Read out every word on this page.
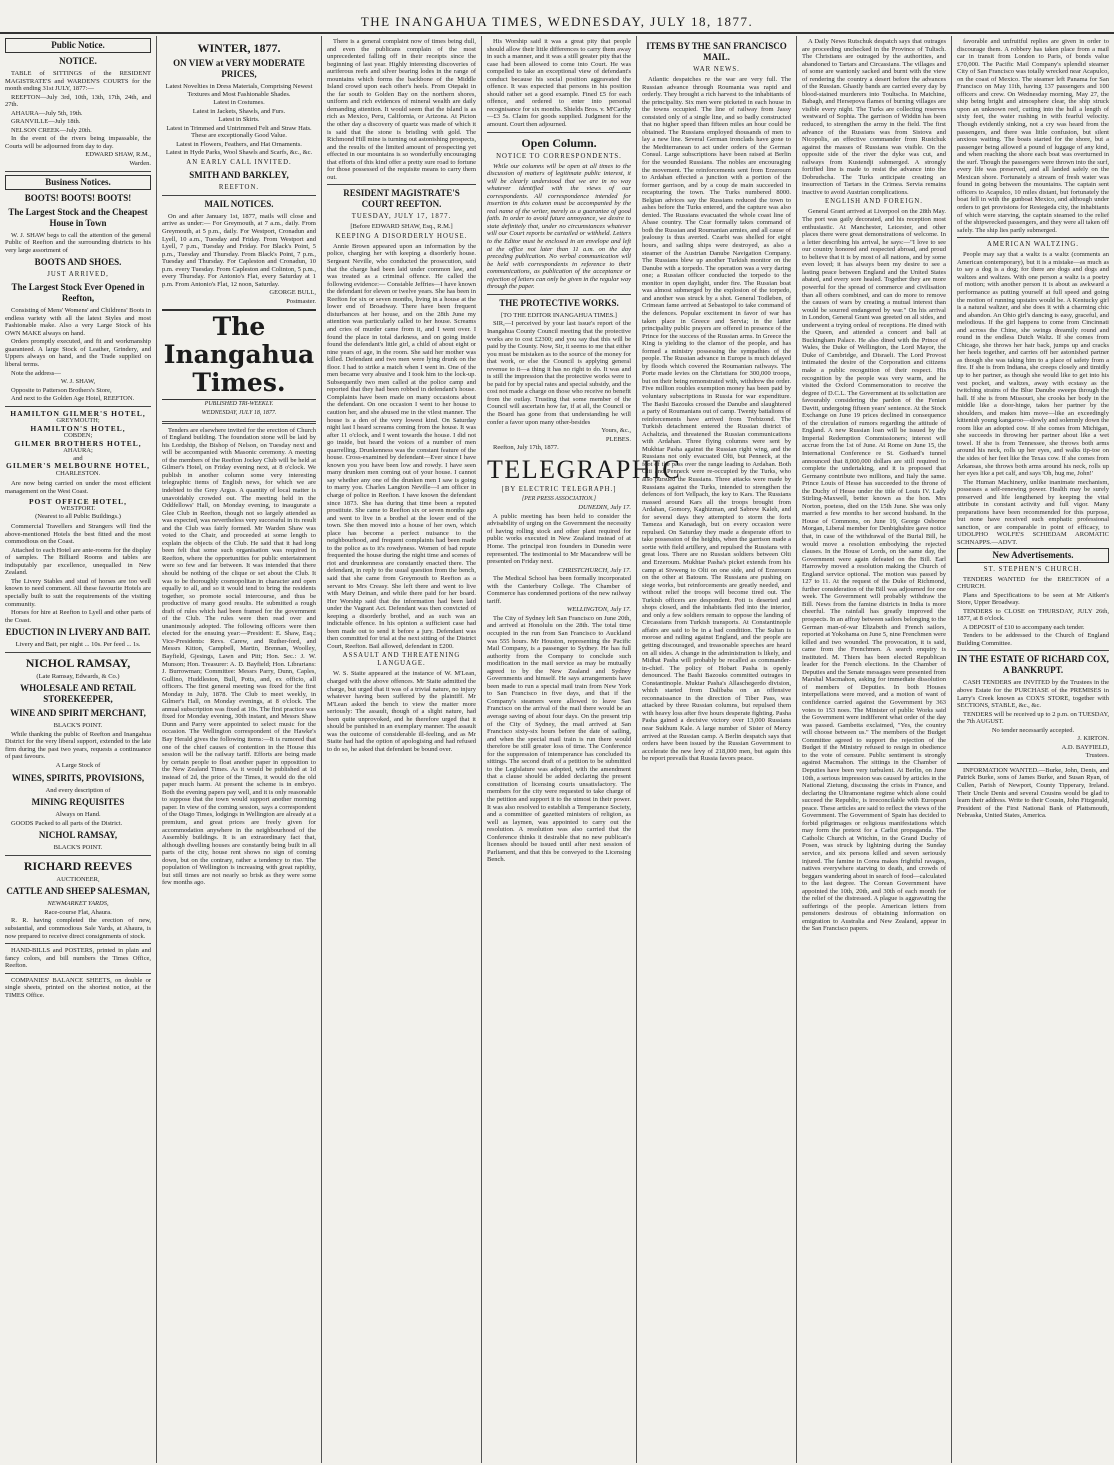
THE INANGAHUA TIMES, WEDNESDAY, JULY 18, 1877.
Public Notice.
NOTICE.

TABLE of SITTINGS of the RESIDENT MAGISTRATE'S and WARDEN'S COURTS for the month ending 31st JULY, 1877:—

REEFTON—July 3rd, 10th, 13th, 17th, 24th, and 27th.

AHAURA—July 5th, 19th.

GRANVILLE—July 18th.

NELSON CREEK—July 20th.

In the event of the rivers being impassable, the Courts will be adjourned from day to day.

EDWARD SHAW, R.M.,

Warden.

Business Notices.
BOOTS! BOOTS! BOOTS!
The Largest Stock and the Cheapest House in Town

W. J. SHAW begs to call the attention of the general Public of Reefton and the surrounding districts to his very large assortment of

BOOTS AND SHOES.
JUST ARRIVED,
The Largest Stock Ever Opened in Reefton,

Consisting of Mens' Womens' and Childrens' Boots in endless variety with all the latest Styles and most Fashionable make. Also a very Large Stock of his OWN MAKE always on hand.

Orders promptly executed, and fit and workmanship guaranteed. A large Stock of Leather, Grindery, and Uppers always on hand, and the Trade supplied on liberal terms.

Note the address—

W. J. SHAW,

Opposite to Patterson Brothers's Store,

And next to the Golden Age Hotel, REEFTON.

HAMILTON GILMER'S HOTEL,
GREYMOUTH;
HAMILTON'S HOTEL,
COBDEN;
GILMER BROTHERS HOTEL,
AHAURA;
and
GILMER'S MELBOURNE HOTEL,
CHARLESTON.

Are now being carried on under the most efficient management on the West Coast.

POST OFFICE HOTEL,
WESTPORT.
(Nearest to all Public Buildings.)

Commercial Travellers and Strangers will find the above-mentioned Hotels the best fitted and the most commodious on the Coast.

Attached to each Hotel are ante-rooms for the display of samples. The Billiard Rooms and tables are indisputably par excellence, unequalled in New Zealand.

The Livery Stables and stud of horses are too well known to need comment. All these favourite Hotels are specially built to suit the requirements of the visiting community.

Horses for hire at Reefton to Lyell and other parts of the Coast.

EDUCTION IN LIVERY AND BAIT.

Livery and Bait, per night ... 10s. Per feed ... 1s.

NICHOL RAMSAY,

(Late Ramsay, Edwards, & Co.)

WHOLESALE AND RETAIL STOREKEEPER,
WINE AND SPIRIT MERCHANT,

BLACK'S POINT.

While thanking the public of Reefton and Inangahua District for the very liberal support, extended to the late firm during the past two years, requests a continuance of past favours.

A Large Stock of

WINES, SPIRITS, PROVISIONS,

And every description of

MINING REQUISITES

Always on Hand.

GOODS Packed to all parts of the District.

NICHOL RAMSAY,

BLACK'S POINT.

RICHARD REEVES

AUCTIONEER,

CATTLE AND SHEEP SALESMAN,

NEWMARKET YARDS,

Race-course Flat, Ahaura.

R. R. having completed the erection of new, substantial, and commodious Sale Yards, at Ahaura, is now prepared to receive direct consignments of stock.

HAND-BILLS and POSTERS, printed in plain and fancy colors, and bill numbers the Times Office, Reefton.

COMPANIES' BALANCE SHEETS, on double or single sheets, printed on the shortest notice, at the TIMES Office.

WINTER, 1877.
ON VIEW at VERY MODERATE PRICES,

Latest Novelties in Dress Materials, Comprising Newest Textures and Most Fashionable Shades.

Latest in Costumes.

Latest in Jackets, Shawls, and Furs.

Latest in Skirts.

Latest in Trimmed and Untrimmed Felt and Straw Hats. These are exceptionally Good Value.

Latest in Flowers, Feathers, and Hat Ornaments.

Latest in Hyde Parks, Wool Shawls and Scarfs, &c., &c.

AN EARLY CALL INVITED.
SMITH AND BARKLEY,
REEFTON.
MAIL NOTICES.

On and after January 1st, 1877, mails will close and arrive as under:— For Greymouth, at 7 a.m., daily. From Greymouth, at 5 p.m., daily. For Westport, Cronadun and Lyell, 10 a.m., Tuesday and Friday. From Westport and Lyell, 7 p.m., Tuesday and Friday. For Black's Point, 5 p.m., Tuesday and Thursday. From Black's Point, 7 p.m., Tuesday and Thursday. For Capleston and Cronadun, 10 p.m. every Tuesday. From Capleston and Colinton, 5 p.m., every Thursday. For Antonio's Flat, every Saturday at 1 p.m. From Antonio's Flat, 12 noon, Saturday.

GEORGE BULL,

Postmaster.

The Inangahua Times.
PUBLISHED TRI-WEEKLY.
WEDNESDAY, JULY 18, 1877.

Tenders are elsewhere invited for the erection of Church of England building. The foundation stone will be laid by his Lordship, the Bishop of Nelson, on Tuesday next and will be accompanied with Masonic ceremony. A meeting of the members of the Reefton Jockey Club will be held at Gilmer's Hotel, on Friday evening next, at 8 o'clock. We publish in another column some very interesting telegraphic items of English news, for which we are indebted to the Grey Argus. A quantity of local matter is unavoidably crowded out. The meeting held in the Oddfellows' Hall, on Monday evening, to inaugurate a Glee Club in Reefton, though not so largely attended as was expected, was nevertheless very successful in its result and the Club was fairly formed. Mr Warden Shaw was voted to the Chair, and proceeded at some length to explain the objects of the Club. He said that it had long been felt that some such organisation was required in Reefton, where the opportunities for public entertainment were so few and far between. It was intended that there should be nothing of the clique or set about the Club. It was to be thoroughly cosmopolitan in character and open equally to all, and so it would tend to bring the residents together, so promote social intercourse, and thus be productive of many good results. He submitted a rough draft of rules which had been framed for the government of the Club. The rules were then read over and unanimously adopted. The following officers were then elected for the ensuing year:—President: E. Shaw, Esq.; Vice-Presidents: Revs. Carew, and Ruther-ford, and Messrs Kitton, Campbell, Martin, Brennan, Woolley, Bayfield, Gjesings, Lawn and Pitt; Hon. Sec.: J. W. Munson; Hon. Treasurer: A. D. Bayfield; Hon. Librarians: J. Burrowman; Committee: Messrs Parry, Dunn, Caples, Gullino, Huddleston, Bull, Potts, and, ex officio, all officers. The first general meeting was fixed for the first Monday in July, 1878. The Club to meet weekly, in Gilmer's Hall, on Monday evenings, at 8 o'clock. The annual subscription was fixed at 10s. The first practice was fixed for Monday evening, 30th instant, and Messrs Shaw Dunn and Parry were appointed to select music for the occasion. The Wellington correspondent of the Hawke's Bay Herald gives the following items:—It is rumored that one of the chief causes of contention in the House this session will be the railway tariff. Efforts are being made by certain people to float another paper in opposition to the New Zealand Times. As it would be published at 1d instead of 2d, the price of the Times, it would do the old paper much harm. At present the scheme is in embryo. Both the evening papers pay well, and it is only reasonable to suppose that the town would support another morning paper. In view of the coming session, says a correspondent of the Otago Times, lodgings in Wellington are already at a premium, and great prices are freely given for accommodation anywhere in the neighbourhood of the Assembly buildings. It is an extraordinary fact that, although dwelling houses are constantly being built in all parts of the city, house rent shows no sign of coming down, but on the contrary, rather a tendency to rise. The population of Wellington is increasing with great rapidity, but still times are not nearly so brisk as they were some few months ago.

There is a general complaint now of times being dull, and even the publicans complain of the most unprecedented falling off in their receipts since the beginning of last year. Highly interesting discoveries of auriferous reefs and silver bearing lodes in the range of mountains which forms the backbone of the Middle Island crowd upon each other's heels. From Otepaki in the far south to Golden Bay on the northern shores, uniform and rich evidences of mineral wealth are daily demanding attention. It would seem that the island is as rich as Mexico, Peru, California, or Arizona. At Picton the other day a discovery of quartz was made of which it is said that the stone is bristling with gold. The Richmond Hill mine is turning out astonishing prospects, and the results of the limited amount of prospecting yet effected in our mountains is so wonderfully encouraging that efforts of this kind offer a pretty sure road to fortune for those possessed of the requisite means to carry them out.

RESIDENT MAGISTRATE'S COURT REEFTON.
TUESDAY, JULY 17, 1877.

[Before EDWARD SHAW, Esq., R.M.]

KEEPING A DISORDERLY HOUSE.

Annie Brown appeared upon an information by the police, charging her with keeping a disorderly house. Sergeant Neville, who conducted the prosecution, said that the charge had been laid under common law, and was treated as a criminal offence. He called the following evidence:— Constable Jeffries—I have known the defendant for eleven or twelve years. She has been in Reefton for six or seven months, living in a house at the lower end of Broadway. There have been frequent disturbances at her house, and on the 28th June my attention was particularly called to her house. Screams and cries of murder came from it, and I went over. I found the place in total darkness, and on going inside found the defendant's little girl, a child of about eight or nine years of age, in the room. She said her mother was killed. Defendant and two men were lying drunk on the floor. I had to strike a match when I went in. One of the men became very abusive and I took him to the lock-up. Subsequently two men called at the police camp and reported that they had been robbed in defendant's house. Complaints have been made on many occasions about the defendant. On one occasion I went to her house to caution her, and she abused me in the vilest manner. The house is a den of the very lowest kind. On Saturday night last I heard screams coming from the house. It was after 11 o'clock, and I went towards the house. I did not go inside, but heard the voices of a number of men quarrelling. Drunkenness was the constant feature of the house. Cross-examined by defendant—Ever since I have known you you have been low and rowdy. I have seen many drunken men coming out of your house. I cannot say whether any one of the drunken men I saw is going to marry you. Charles Langton Neville—I am officer in charge of police in Reefton. I have known the defendant since 1873. She has during that time been a reputed prostitute. She came to Reefton six or seven months ago and went to live in a brothel at the lower end of the town. She then moved into a house of her own, which place has become a perfect nuisance to the neighbourhood, and frequent complaints had been made to the police as to it's rowdyness. Women of bad repute frequented the house during the night time and scenes of riot and drunkenness are constantly enacted there. The defendant, in reply to the usual question from the bench, said that she came from Greymouth to Reefton as a servant to Mrs Creasy. She left there and went to live with Mary Deinan, and while there paid for her board. Her Worship said that the information had been laid under the Vagrant Act. Defendant was then convicted of keeping a disorderly brothel, and as such was an indictable offence. In his opinion a sufficient case had been made out to send it before a jury. Defendant was then committed for trial at the next sitting of the District Court, Reefton. Bail allowed, defendant in £200.

ASSAULT AND THREATENING LANGUAGE.

W. S. Staite appeared at the instance of W. M'Lean, charged with the above offences. Mr Staite admitted the charge, but urged that it was of a trivial nature, no injury whatever having been suffered by the plaintiff. Mr M'Lean asked the bench to view the matter more seriously: The assault, though of a slight nature, had been quite unprovoked, and he therefore urged that it should be punished in an exemplary manner. The assault was the outcome of considerable ill-feeling, and as Mr Staite had had the option of apologising and had refused to do so, he asked that defendant be bound over.

His Worship said it was a great pity that people should allow their little differences to carry them away in such a manner, and it was a still greater pity that the case had been allowed to come into Court. He was compelled to take an exceptional view of defendant's conduct because his social position aggravated the offence. It was expected that persons in his position should rather set a good example. Fined £5 for each offence, and ordered to enter into personal recognisance for six months. Shields Bros. v. M'Carthy—£3 5s. Claim for goods supplied. Judgment for the amount. Court then adjourned.

Open Column.
NOTICE TO CORRESPONDENTS.

While our columns will be open at all times to the discussion of matters of legitimate public interest, it will be clearly understood that we are in no way whatever identified with the views of our correspondents. All correspondence intended for insertion in this column must be accompanied by the real name of the writer, merely as a guarantee of good faith. In order to avoid future annoyance, we desire to state definitely that, under no circumstances whatever will our Court reports be curtailed or withheld. Letters to the Editor must be enclosed in an envelope and left at the office not later than 11 a.m. on the day preceding publication. No verbal communication will be held with correspondents in reference to their communications, as publication of the acceptance or rejection of letters can only be given in the regular way through the paper.

THE PROTECTIVE WORKS.

[TO THE EDITOR INANGAHUA TIMES.]

SIR,—I perceived by your last issue's report of the Inangahua County Council meeting that the protective works are to cost £2300; and you say that this will be paid by the County. Now, Sir, it seems to me that either you must be mistaken as to the source of the money for that work, or else the Council is applying general revenue to it—a thing it has no right to do. It was and is still the impression that the protective works were to be paid for by special rates and special subsidy, and the cost not made a charge on those who receive no benefit from the outlay. Trusting that some member of the Council will ascertain how far, if at all, the Council or the Board has gone from that understanding he will confer a favor upon many other-besides

Yours, &c.,

PLEBES.

Reefton, July 17th, 1877.

TELEGRAPHIC
[BY ELECTRIC TELEGRAPH.]
[PER PRESS ASSOCIATION.]

DUNEDIN, July 17.

A public meeting has been held to consider the advisability of urging on the Government the necessity of having rolling stock and other plant required for public works executed in New Zealand instead of at Home. The principal iron founders in Dunedin were represented. The testimonial to Mr Macandrew will be presented on Friday next.

CHRISTCHURCH, July 17.

The Medical School has been formally incorporated with the Canterbury College. The Chamber of Commerce has condemned portions of the new railway tariff.

WELLINGTON, July 17.

The City of Sydney left San Francisco on June 20th, and arrived at Honolulu on the 28th. The total time occupied in the run from San Francisco to Auckland was 555 hours. Mr Houston, representing the Pacific Mail Company, is a passenger to Sydney. He has full authority from the Company to conclude such modification in the mail service as may be mutually agreed to by the New Zealand and Sydney Governments and himself. He says arrangements have been made to run a special mail train from New York to San Francisco in five days, and that if the Company's steamers were allowed to leave San Francisco on the arrival of the mail there would be an average saving of about four days. On the present trip of the City of Sydney, the mail arrived at San Francisco sixty-six hours before the date of sailing, and when the special mail train is run there would therefore be still greater loss of time. The Conference for the suppression of intemperance has concluded its sittings. The second draft of a petition to be submitted to the Legislature was adopted, with the amendment that a clause should be added declaring the present constitution of licensing courts unsatisfactory. The members for the city were requested to take charge of the petition and support it to the utmost in their power. It was also resolved to establish a Temperance Society, and a committee of gazetted ministers of religion, as well as laymen, was appointed to carry out the resolution. A resolution was also carried that the Conference thinks it desirable that no new publican's licenses should be issued until after next session of Parliament, and that this be conveyed to the Licensing Bench.

ITEMS BY THE SAN FRANCISCO MAIL.
WAR NEWS.

Atlantic despatches re the war are very full. The Russian advance through Roumania was rapid and orderly. They brought a rich harvest to the inhabitants of the principality. Six men were picketed in each house in the towns occupied. The line of railway from Jassy consisted only of a single line, and so badly constructed that no higher speed than fifteen miles an hour could be obtained. The Russians employed thousands of men to lay a new line. Several German ironclads have gone to the Mediterranean to act under orders of the German Consul. Large subscriptions have been raised at Berlin for the wounded Russians. The nobles are encouraging the movement. The reinforcements sent from Erzeroum to Ardahan effected a junction with a portion of the former garrison, and by a coup de main succeeded in recapturing the town. The Turks numbered 8000. Belgian advices say the Russians reduced the town to ashes before the Turks entered, and the capture was also denied. The Russians evacuated the whole coast line of Abase country. The Czar formally takes command of both the Russian and Roumanian armies, and all cause of jealousy is thus averted. Czarbi was shelled for eight hours, and sailing ships were destroyed, as also a steamer of the Austrian Danube Navigation Company. The Russians blew up another Turkish monitor on the Danube with a torpedo. The operation was a very daring one; a Russian officer conducted the torpedo to the monitor in open daylight, under fire. The Russian boat was almost submerged by the explosion of the torpedo, and another was struck by a shot. General Todleben, of Crimean fame arrived at Sebastopol to take command of the defences. Popular excitement in favor of war has taken place in Greece and Servia; in the latter principality public prayers are offered in presence of the Prince for the success of the Russian arms. In Greece the King is yielding to the clamor of the people, and has formed a ministry possessing the sympathies of the people. The Russian advance in Europe is much delayed by floods which covered the Roumanian railways. The Porte made levies on the Christians for 300,000 troops, but on their being remonstrated with, withdrew the order. Five million roubles exemption money has been paid by voluntary subscriptions in Russia for war expenditure. The Bashi Bazouks crossed the Danube and slaughtered a party of Roumanians out of camp. Twenty battalions of reinforcements have arrived from Trebizond. The Turkish detachment entered the Russian district of Achaltzia, and threatened the Russian communications with Ardahan. Three flying columns were sent by Mukhtar Pasha against the Russian right wing, and the Russians not only evacuated Olti, but Penneck, at the foot of the pass over the range leading to Ardahan. Both Olti and Penneck were re-occupied by the Turks, who also pursued the Russians. Three attacks were made by Russians against the Turks, intended to strengthen the defences of fort Vellpach, the key to Kars. The Russians massed around Kars all the troops brought from Ardahan, Gomory, Kaghizman, and Sabrew Kaleh, and for several days they attempted to storm the forts Tameza and Kanadagh, but on every occasion were repulsed. On Saturday they made a desperate effort to take possession of the heights, when the garrison made a sortie with field artillery, and repulsed the Russians with great loss. There are no Russian soldiers between Olti and Erzeroum. Mukhtar Pasha's picket extends from his camp at Sivweng to Olti on one side, and of Erzeroum on the other at Batoum. The Russians are pushing on siege works, but reinforcements are greatly needed, and without relief the troops will become tired out. The Turkish officers are despondent. Poti is deserted and shops closed, and the inhabitants fled into the interior, and only a few soldiers remain to oppose the landing of Circassians from Turkish transports. At Constantinople affairs are said to be in a bad condition. The Sultan is morose and railing against England, and the people are getting discouraged, and treasonable speeches are heard on all sides. A change in the administration is likely, and Midhat Pasha will probably be recalled as commander-in-chief. The policy of Hobart Pasha is openly denounced. The Bashi Bazouks committed outrages in Constantinople. Muktar Pasha's Allaschegerdo division, which started from Dalibaba on an offensive reconnaissance in the direction of Tiber Pass, was attacked by three Russian columns, but repulsed them with heavy loss after five hours desperate fighting. Pasha Pasha gained a decisive victory over 13,000 Russians near Sukhum Kale. A large number of Sister of Mercy arrived at the Russian camp. A Berlin despatch says that orders have been issued by the Russian Government to accelerate the new levy of 218,000 men, but again this be report prevails that Russia favors peace.

A Daily News Rutschuk despatch says that outrages are proceeding unchecked in the Province of Tultsch. The Christians are outraged by the authorities, and abandoned to Tartars and Circassians. The villages and of some are wantonly sacked and burnt with the view of rendering the country a desert before the advances of the Russian. Ghastly bands are carried every day by blood-stained murderers into Toultscha. In Matchine, Babagh, and Hersepova flames of burning villages are visible every night. The Turks are collecting reserves westward of Sophia. The garrison of Widdin has been reduced, to strengthen the army in the field. The first advance of the Russians was from Sistova and Nicopolis, an effective commander from Rustchuk against the masses of Russians was visible. On the opposite side of the river the dyke was cut, and railways from Kustendji submerged. A strongly fortified line is made to resist the advance into the Dobrudscha. The Turks anticipate creating an insurrection of Tartars in the Crimea. Servia remains inactive to avoid Austrian complications.

ENGLISH AND FOREIGN.

General Grant arrived at Liverpool on the 28th May. The port was gaily decorated, and his reception most enthusiastic. At Manchester, Leicester, and other places there were great demonstrations of welcome. In a letter describing his arrival, he says:—"I love to see our country honored and respected abroad, and proud to believe that it is by most of all nations, and by some even loved; it has always been my desire to see a lasting peace between England and the United States abated, and every sore healed. Together they are more powerful for the spread of commerce and civilisation than all others combined, and can do more to remove the causes of wars by creating a mutual interest than would be sourred endangered by war." On his arrival in London, General Grant was greeted on all sides, and underwent a trying ordeal of receptions. He dined with the Queen, and attended a concert and ball at Buckingham Palace. He also dined with the Prince of Wales, the Duke of Wellington, the Lord Mayor, the Duke of Cambridge, and Disraeli. The Lord Provost intimated the desire of the Corporation and citizens make a public recognition of their respect. His recognition by the people was very warm, and he visited the Oxford Commemoration to receive the degree of D.C.L. The Government at its solicitation are favourably considering the pardon of the Fenian Davitt, undergoing fifteen years' sentence. At the Stock Exchange on June 19 prices declined in consequence of the circulation of rumors regarding the attitude of England. A new Russian loan will be issued by the Imperial Redemption Commissioners; interest will accrue from the 1st of June. At Rome on June 15, the International Conference re St. Gothard's tunnel announced that 8,000,000 dollars are still required to complete the undertaking, and it is proposed that Germany contribute two millions, and Italy the same. Prince Louis of Hesse has succeeded to the throne of the Duchy of Hesse under the title of Louis IV. Lady Stirling-Maxwell, better known as the hon. Mrs Norton, poetess, died on the 15th June. She was only married a few months to her second husband. In the House of Commons, on June 19, George Osborne Morgan, Liberal member for Denbighshire gave notice that, in case of the withdrawal of the Burial Bill, he would move a resolution embodying the rejected clauses. In the House of Lords, on the same day, the Government were again defeated on the Bill. Earl Harrowby moved a resolution making the Church of England service optional. The motion was passed by 127 to 11. At the request of the Duke of Richmond, further consideration of the Bill was adjourned for one week. The Government will probably withdraw the Bill. News from the famine districts in India is more cheerful. The rainfall has greatly improved the prospects. In an affray between sailors belonging to the German man-of-war Elizabeth and French sailors, reported at Yokohama on June 5, nine Frenchmen were killed and two wounded. The provocation, it is said, came from the Frenchmen. A search enquiry is instituted. M. Thiers has been elected Republican leader for the French elections. In the Chamber of Deputies and the Senate messages were presented from Marshal Macmahon, asking for immediate dissolution of members of Deputies. In both Houses interpellations were moved, and a motion of want of confidence carried against the Government by 363 votes to 153 noes. The Minister of public Works said the Government were indifferent what order of the day was passed. Gambetta exclaimed, "Yes, the country will choose between us." The members of the Budget Committee agreed to support the rejection of the Budget if the Ministry refused to resign in obedience to the vote of censure. Public sentiment is strongly against Macmahon. The sittings in the Chamber of Deputies have been very turbulent. At Berlin, on June 10th, a serious impression was caused by articles in the National Zietung, discussing the crisis in France, and declaring the Ultramontane regime which alone could succeed the Republic, is irreconcilable with European peace. These articles are said to reflect the views of the Government. The Government of Spain has decided to forbid pilgrimages or religious manifestations which may form the pretext for a Carlist propaganda. The Catholic Church at Witchin, in the Grand Duchy of Posen, was struck by lightning during the Sunday service, and six persons killed and seven seriously injured. The famine in Corea makes frightful ravages, natives everywhere starving to death, and crowds of beggars wandering about in search of food—calculated to the last degree. The Corean Government have appointed the 10th, 20th, and 30th of each month for the relief of the distressed. A plague is aggravating the sufferings of the people. American letters from pensioners desirous of obtaining information on emigration to Australia and New Zealand, appear in the San Francisco papers.

favorable and unfruitful replies are given in order to discourage them. A robbery has taken place from a mail car in transit from London to Paris, of bonds value £70,000. The Pacific Mail Company's splendid steamer City of San Francisco was totally wrecked near Acapulco, on the coast of Mexico. The steamer left Panama for San Francisco on May 11th, having 137 passengers and 100 officers and crew. On Wednesday morning, May 27, the ship being bright and atmosphere clear, the ship struck upon an unknown reef, cutting into the hull a length of sixty feet, the water rushing in with fearful velocity. Though evidently sinking, not a cry was heard from the passengers, and there was little confusion, but silent anxious waiting. The boats started for the shore, but a passenger being allowed a pound of luggage of any kind, and when reaching the shore each boat was overturned in the surf. Though the passengers were thrown into the surf, every life was preserved, and all landed safely on the Mexican shore. Fortunately a stream of fresh water was found in going between the mountains. The captain sent officers to Acapulco, 10 miles distant, but fortunately the boat fell in with the gunboat Mexico, and although under orders to get provisions for Restegeda city, the inhabitants of which were starving, the captain steamed to the relief of the shipwrecked passengers, and they were all taken off safely. The ship lies partly submerged.

AMERICAN WALTZING.

People may say that a waltz is a waltz (comments an American contemporary), but it is a mistake—as much as to say a dog is a dog; for there are dogs and dogs and waltzes and waltzes. With one person a waltz is a poetry of motion; with another person it is about as awkward a performance as putting yourself at full speed and going the motion of running upstairs would be. A Kentucky girl is a natural waltzer, and she does it with a charming chic and abandon. An Ohio girl's dancing is easy, graceful, and melodious. If the girl happens to come from Cincinnati and across the Chine, she swings dreamily round and round in the endless Dutch Waltz. If she comes from Chicago, she throws her hair back, jumps up and cracks her heels together, and carries off her astonished partner as though she was taking him to a place of safety from a fire. If she is from Indiana, she creeps closely and timidly up to her partner, as though she would like to get into his vest pocket, and waltzes, away with ecstasy as the twitching strains of the Blue Danube sweeps through the hall. If she is from Missouri, she crooks her body in the middle like a door-hinge, takes her partner by the shoulders, and makes him move—like an exceedingly kittenish young kangaroo—slowly and solemnly down the room like an adopted cow. If she comes from Michigan, she succeeds in throwing her partner about like a wet towel. If she is from Tennessee, she throws both arms around his neck, rolls up her eyes, and walks tip-toe on the sides of her feet like the Texas cow. If she comes from Arkansas, she throws both arms around his neck, rolls up her eyes like a pet calf, and says 'Oh, hug me, John!'

The Human Machinery, unlike inanimate mechanism, possesses a self-renewing power. Health may be surely preserved and life lengthened by keeping the vital attribute in constant activity and full vigor. Many preparations have been recommended for this purpose, but none have received such emphatic professional sanction, or are comparable in point of efficacy, to UDOLPHO WOLFE'S SCHIEDAM AROMATIC SCHNAPPS.—ADVT.

New Advertisements.
ST. STEPHEN'S CHURCH.

TENDERS WANTED for the ERECTION of a CHURCH.

Plans and Specifications to be seen at Mr Aitken's Store, Upper Broadway.

TENDERS to CLOSE on THURSDAY, JULY 26th, 1877, at 8 o'clock.

A DEPOSIT of £10 to accompany each tender.

Tenders to be addressed to the Church of England Building Committee.

IN THE ESTATE OF RICHARD COX, A BANKRUPT.

CASH TENDERS are INVITED by the Trustees in the above Estate for the PURCHASE of the PREMISES in Larry's Creek known as COX'S STORE, together with SECTIONS, STABLE, &c., &c.

TENDERS will be received up to 2 p.m. on TUESDAY, the 7th AUGUST.

No tender necessarily accepted.

J. KIRTON.

A.D. BAYFIELD,

Trustees.

INFORMATION WANTED.—Burke, John, Denis, and Patrick Burke, sons of James Burke, and Susan Ryan, of Cullen, Parish of Newport, County Tipperary, Ireland. Their Uncle Denis and several Cousins would be glad to learn their address. Write to their Cousin, John Fitzgerald, President of the First National Bank of Plattsmouth, Nebraska, United States, America.
